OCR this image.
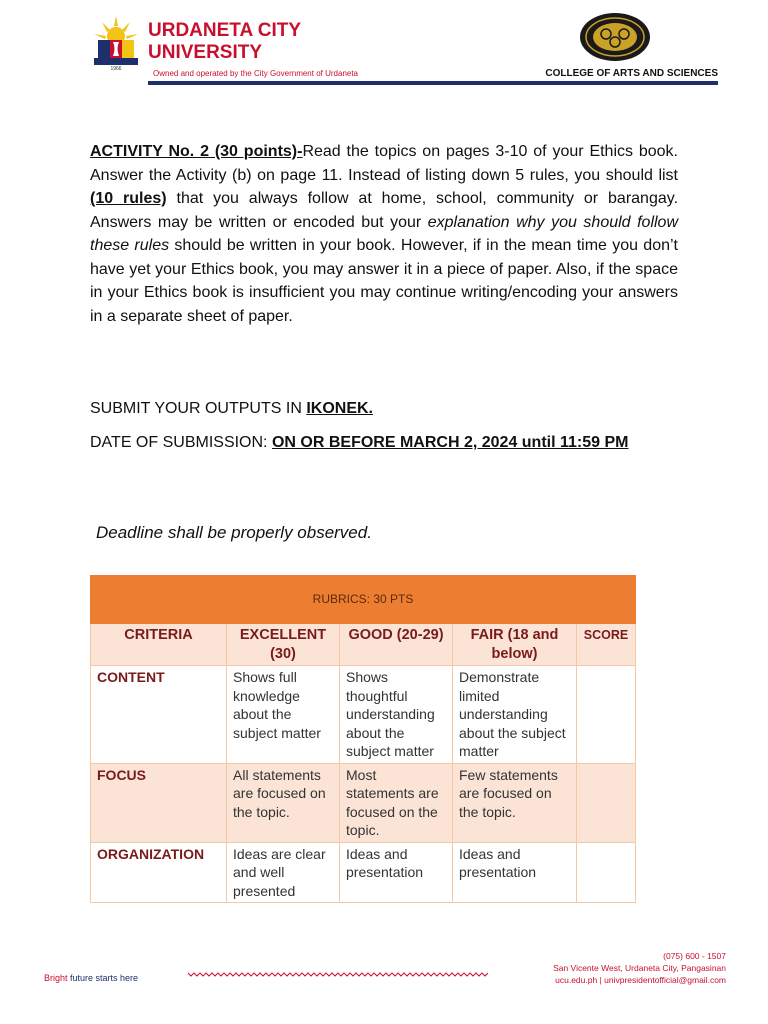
1966
URDANETA CITY
UNIVERSITY
Owned and operated by the City Government of Urdaneta	COLLEGE OF ARTS AND SCIENCES
ACTIVITY No. 2 (30 points)-Read the topics on pages 3-10 of your Ethics book. Answer the Activity (b) on page 11. Instead of listing down 5 rules, you should list (10 rules) that you always follow at home, school, community or barangay. Answers may be written or encoded but your explanation why you should follow these rules should be written in your book. However, if in the mean time you don’t have yet your Ethics book, you may answer it in a piece of paper. Also, if the space in your Ethics book is insufficient you may continue writing/encoding your answers in a separate sheet of paper.
SUBMIT YOUR OUTPUTS IN IKONEK.
DATE OF SUBMISSION: ON OR BEFORE MARCH 2, 2024 until 11:59 PM
Deadline shall be properly observed.
RUBRICS: 30 PTS				
CRITERIA	EXCELLENT (30)	GOOD (20-29)	FAIR (18 and below)	SCORE
CONTENT	Shows full knowledge about the subject matter	Shows thoughtful understanding about the subject matter	Demonstrate limited understanding about the subject matter	
FOCUS	All statements are focused on the topic.	Most statements are focused on the topic.	Few statements are focused on the topic.	
ORGANIZATION	Ideas are clear and well presented	Ideas and presentation	Ideas and presentation	
Bright future starts here
(075) 600 - 1507
San Vicente West, Urdaneta City, Pangasinan
ucu.edu.ph | univpresidentofficial@gmail.com
